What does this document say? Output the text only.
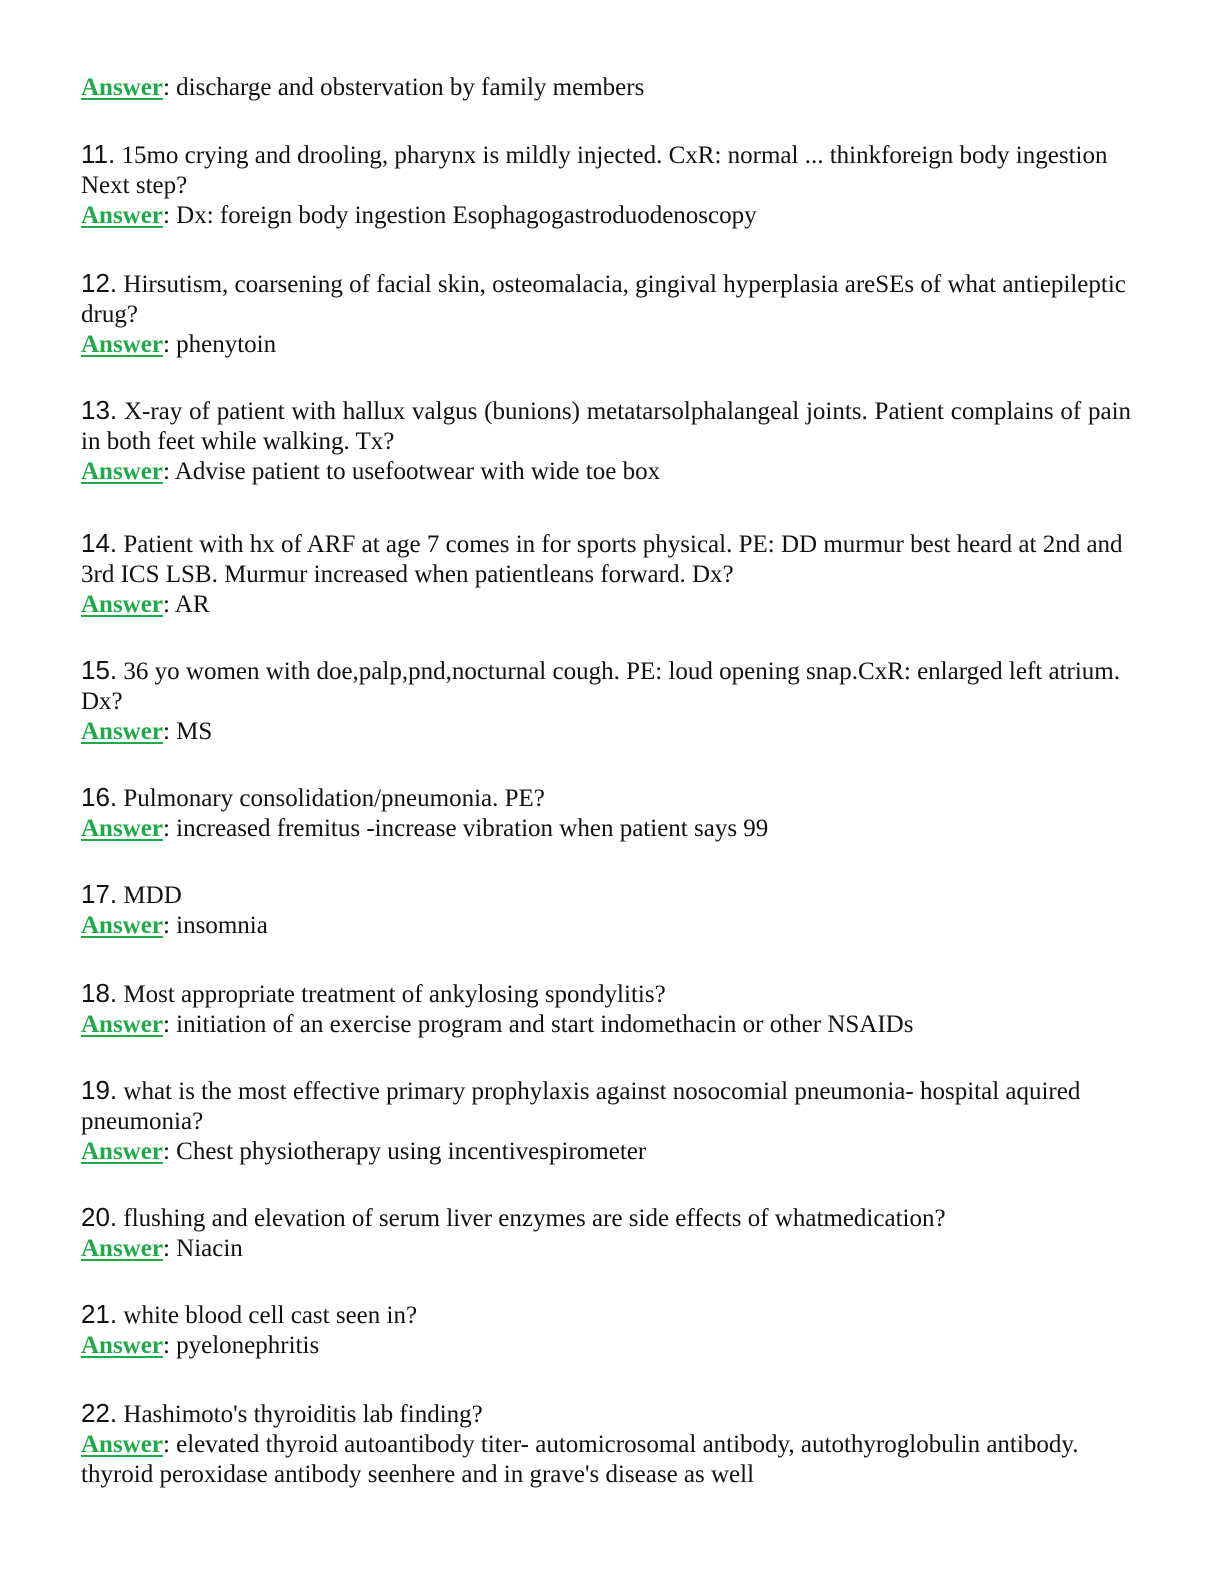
Answer: discharge and obstervation by family members

11. 15mo crying and drooling, pharynx is mildly injected. CxR: normal ... thinkforeign body ingestion Next step?

Answer: Dx: foreign body ingestion Esophagogastroduodenoscopy

12. Hirsutism, coarsening of facial skin, osteomalacia, gingival hyperplasia areSEs of what antiepileptic drug?

Answer: phenytoin

13. X-ray of patient with hallux valgus (bunions) metatarsolphalangeal joints. Patient complains of pain in both feet while walking. Tx?

Answer: Advise patient to usefootwear with wide toe box

14. Patient with hx of ARF at age 7 comes in for sports physical. PE: DD murmur best heard at 2nd and 3rd ICS LSB. Murmur increased when patientleans forward. Dx?

Answer: AR

15. 36 yo women with doe,palp,pnd,nocturnal cough. PE: loud opening snap.CxR: enlarged left atrium. Dx?

Answer: MS

16. Pulmonary consolidation/pneumonia. PE?

Answer: increased fremitus -increase vibration when patient says 99

17. MDD

Answer: insomnia

18. Most appropriate treatment of ankylosing spondylitis?

Answer: initiation of an exercise program and start indomethacin or other NSAIDs

19. what is the most effective primary prophylaxis against nosocomial pneumonia- hospital aquired pneumonia?

Answer: Chest physiotherapy using incentivespirometer

20. flushing and elevation of serum liver enzymes are side effects of whatmedication?

Answer: Niacin

21. white blood cell cast seen in?

Answer: pyelonephritis

22. Hashimoto's thyroiditis lab finding?

Answer: elevated thyroid autoantibody titer- automicrosomal antibody, autothyroglobulin antibody. thyroid peroxidase antibody seenhere and in grave's disease as well
